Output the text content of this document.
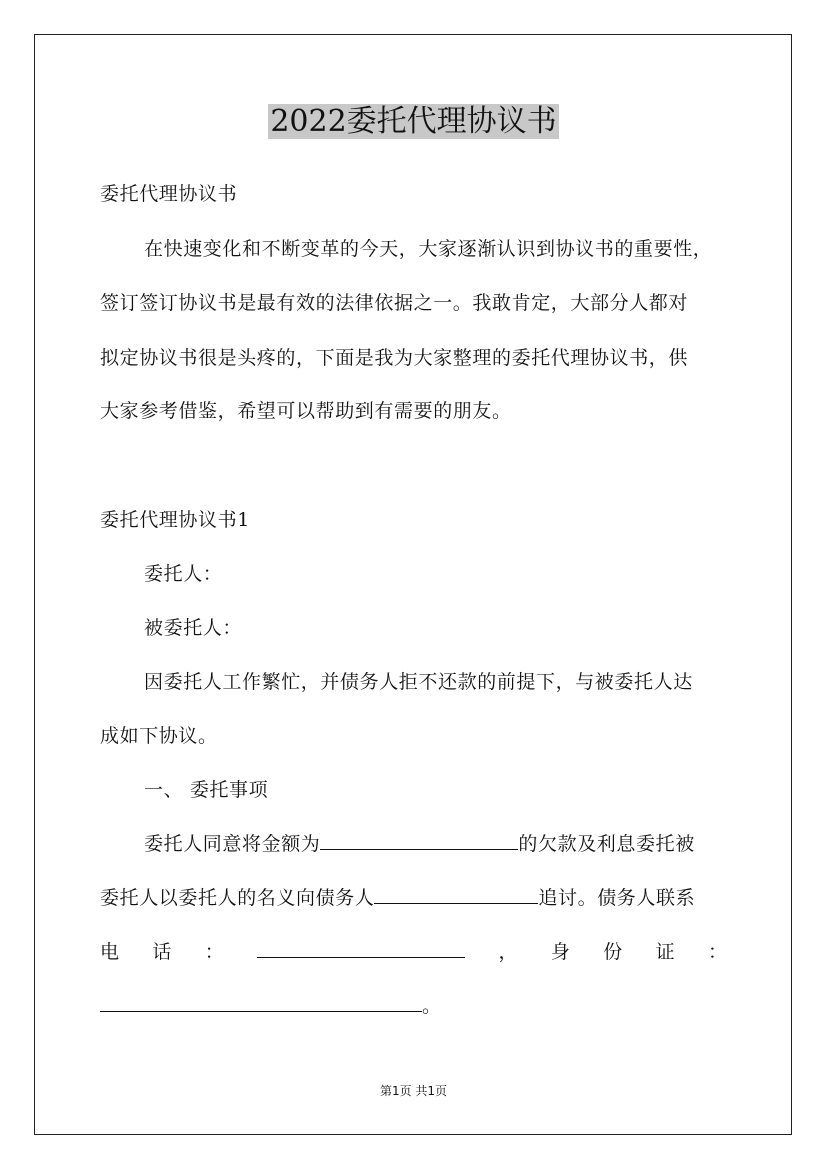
2022委托代理协议书
委托代理协议书
在快速变化和不断变革的今天，大家逐渐认识到协议书的重要性，
签订签订协议书是最有效的法律依据之一。我敢肯定，大部分人都对
拟定协议书很是头疼的，下面是我为大家整理的委托代理协议书，供
大家参考借鉴，希望可以帮助到有需要的朋友。
委托代理协议书1
委托人：
被委托人：
因委托人工作繁忙，并债务人拒不还款的前提下，与被委托人达
成如下协议。
一、 委托事项
委托人同意将金额为	的欠款及利息委托被
委托人以委托人的名义向债务人	追讨。债务人联系
电 话 ：	， 身 份 证 ：
。
第1页 共1页
